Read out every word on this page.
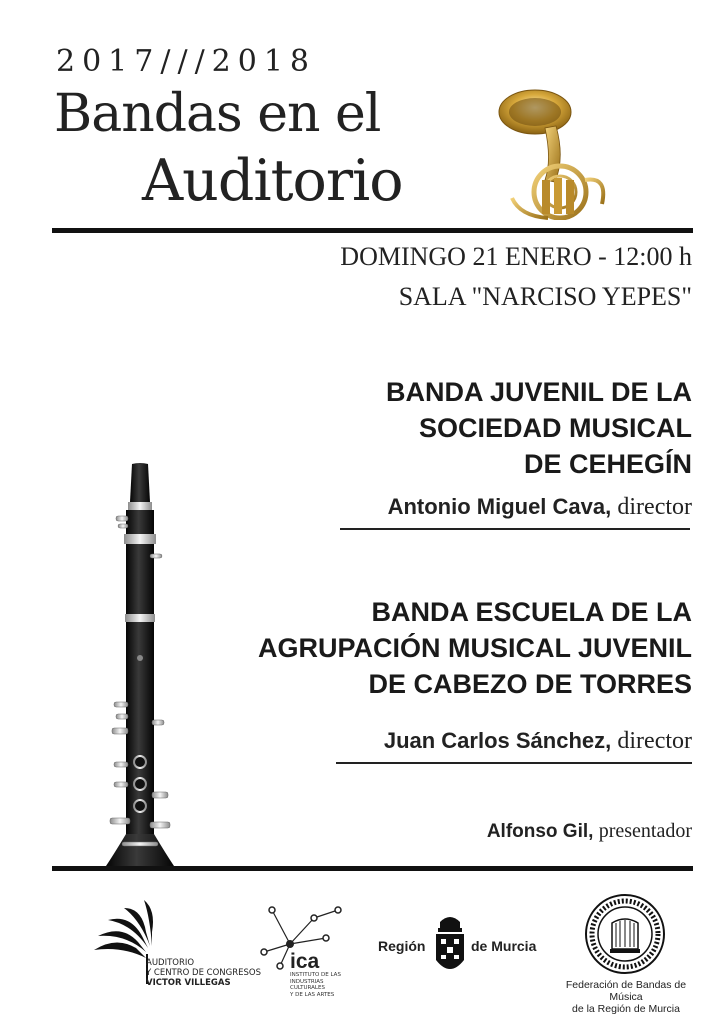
2017///2018
Bandas en el
Auditorio
DOMINGO 21 ENERO - 12:00 h
SALA "NARCISO YEPES"
BANDA JUVENIL DE LA
SOCIEDAD MUSICAL
DE CEHEGÍN
Antonio Miguel Cava, director
BANDA ESCUELA DE LA
AGRUPACIÓN MUSICAL JUVENIL
DE CABEZO DE TORRES
Juan Carlos Sánchez, director
Alfonso Gil, presentador
AUDITORIO
Y CENTRO DE CONGRESOS
VICTOR VILLEGAS
ica
INSTITUTO DE LAS
INDUSTRIAS CULTURALES
Y DE LAS ARTES
Región	de Murcia
Federación de Bandas de Música
de la Región de Murcia
